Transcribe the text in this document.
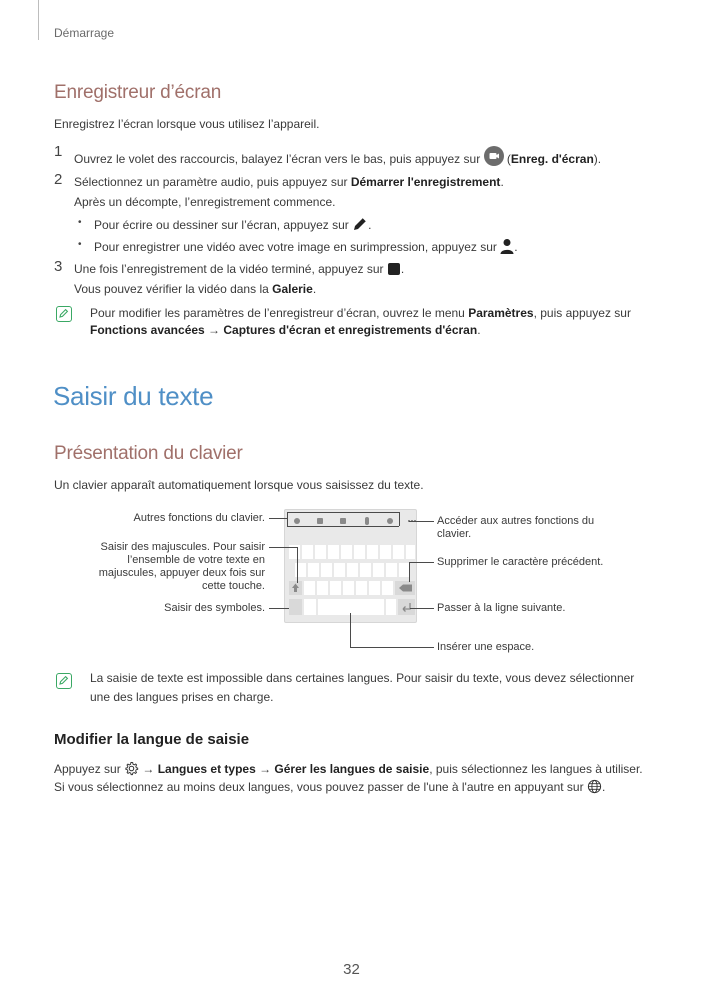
Démarrage
Enregistreur d’écran
Enregistrez l’écran lorsque vous utilisez l’appareil.
1 Ouvrez le volet des raccourcis, balayez l’écran vers le bas, puis appuyez sur (Enreg. d'écran).
2 Sélectionnez un paramètre audio, puis appuyez sur Démarrer l'enregistrement.
Après un décompte, l’enregistrement commence.
• Pour écrire ou dessiner sur l’écran, appuyez sur .
• Pour enregistrer une vidéo avec votre image en surimpression, appuyez sur .
3 Une fois l’enregistrement de la vidéo terminé, appuyez sur .
Vous pouvez vérifier la vidéo dans la Galerie.
Pour modifier les paramètres de l’enregistreur d’écran, ouvrez le menu Paramètres, puis appuyez sur
Fonctions avancées → Captures d'écran et enregistrements d'écran.
Saisir du texte
Présentation du clavier
Un clavier apparaît automatiquement lorsque vous saisissez du texte.
Autres fonctions du clavier.
Saisir des majuscules. Pour saisir
l’ensemble de votre texte en
majuscules, appuyer deux fois sur
cette touche.
Saisir des symboles.
Accéder aux autres fonctions du
clavier.
Supprimer le caractère précédent.
Passer à la ligne suivante.
Insérer une espace.
La saisie de texte est impossible dans certaines langues. Pour saisir du texte, vous devez sélectionner
une des langues prises en charge.
Modifier la langue de saisie
Appuyez sur  → Langues et types → Gérer les langues de saisie, puis sélectionnez les langues à utiliser.
Si vous sélectionnez au moins deux langues, vous pouvez passer de l'une à l'autre en appuyant sur .
32
